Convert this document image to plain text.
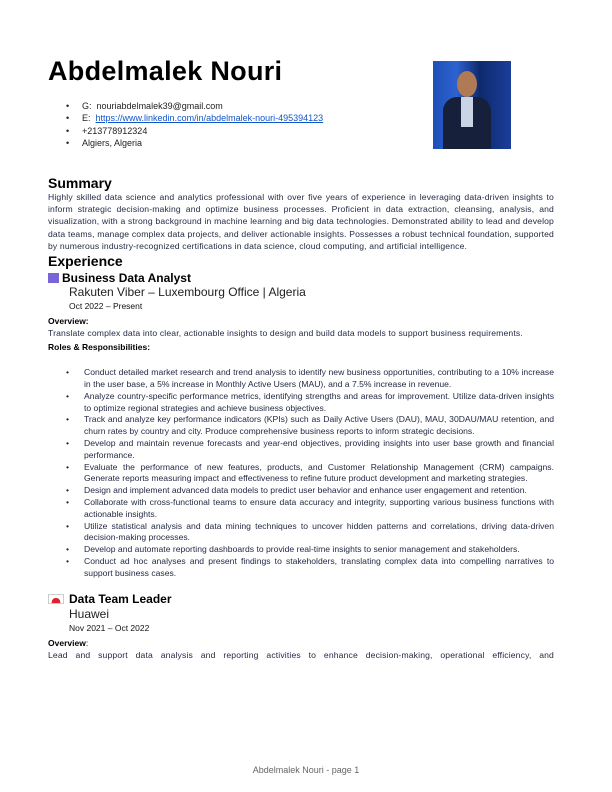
Abdelmalek Nouri
• G: nouriabdelmalek39@gmail.com
• E: https://www.linkedin.com/in/abdelmalek-nouri-495394123
• +213778912324
• Algiers, Algeria
Summary

Highly skilled data science and analytics professional with over five years of experience in leveraging data-driven insights to inform strategic decision-making and optimize business processes. Proficient in data extraction, cleansing, analysis, and visualization, with a strong background in machine learning and big data technologies. Demonstrated ability to lead and develop data teams, manage complex data projects, and deliver actionable insights. Possesses a robust technical foundation, supported by numerous industry-recognized certifications in data science, cloud computing, and artificial intelligence.

Experience
Business Data Analyst
Rakuten Viber – Luxembourg Office | Algeria
Oct 2022 – Present
Overview:

Translate complex data into clear, actionable insights to design and build data models to support business requirements.

Roles & Responsibilities:
• Conduct detailed market research and trend analysis to identify new business opportunities, contributing to a 10% increase in the user base, a 5% increase in Monthly Active Users (MAU), and a 7.5% increase in revenue.
• Analyze country-specific performance metrics, identifying strengths and areas for improvement. Utilize data-driven insights to optimize regional strategies and achieve business objectives.
• Track and analyze key performance indicators (KPIs) such as Daily Active Users (DAU), MAU, 30DAU/MAU retention, and churn rates by country and city. Produce comprehensive business reports to inform strategic decisions.
• Develop and maintain revenue forecasts and year-end objectives, providing insights into user base growth and financial performance.
• Evaluate the performance of new features, products, and Customer Relationship Management (CRM) campaigns. Generate reports measuring impact and effectiveness to refine future product development and marketing strategies.
• Design and implement advanced data models to predict user behavior and enhance user engagement and retention.
• Collaborate with cross-functional teams to ensure data accuracy and integrity, supporting various business functions with actionable insights.
• Utilize statistical analysis and data mining techniques to uncover hidden patterns and correlations, driving data-driven decision-making processes.
• Develop and automate reporting dashboards to provide real-time insights to senior management and stakeholders.
• Conduct ad hoc analyses and present findings to stakeholders, translating complex data into compelling narratives to support business cases.
Data Team Leader
Huawei
Nov 2021 – Oct 2022
Overview:

Lead and support data analysis and reporting activities to enhance decision-making, operational efficiency, and

Abdelmalek Nouri - page 1
